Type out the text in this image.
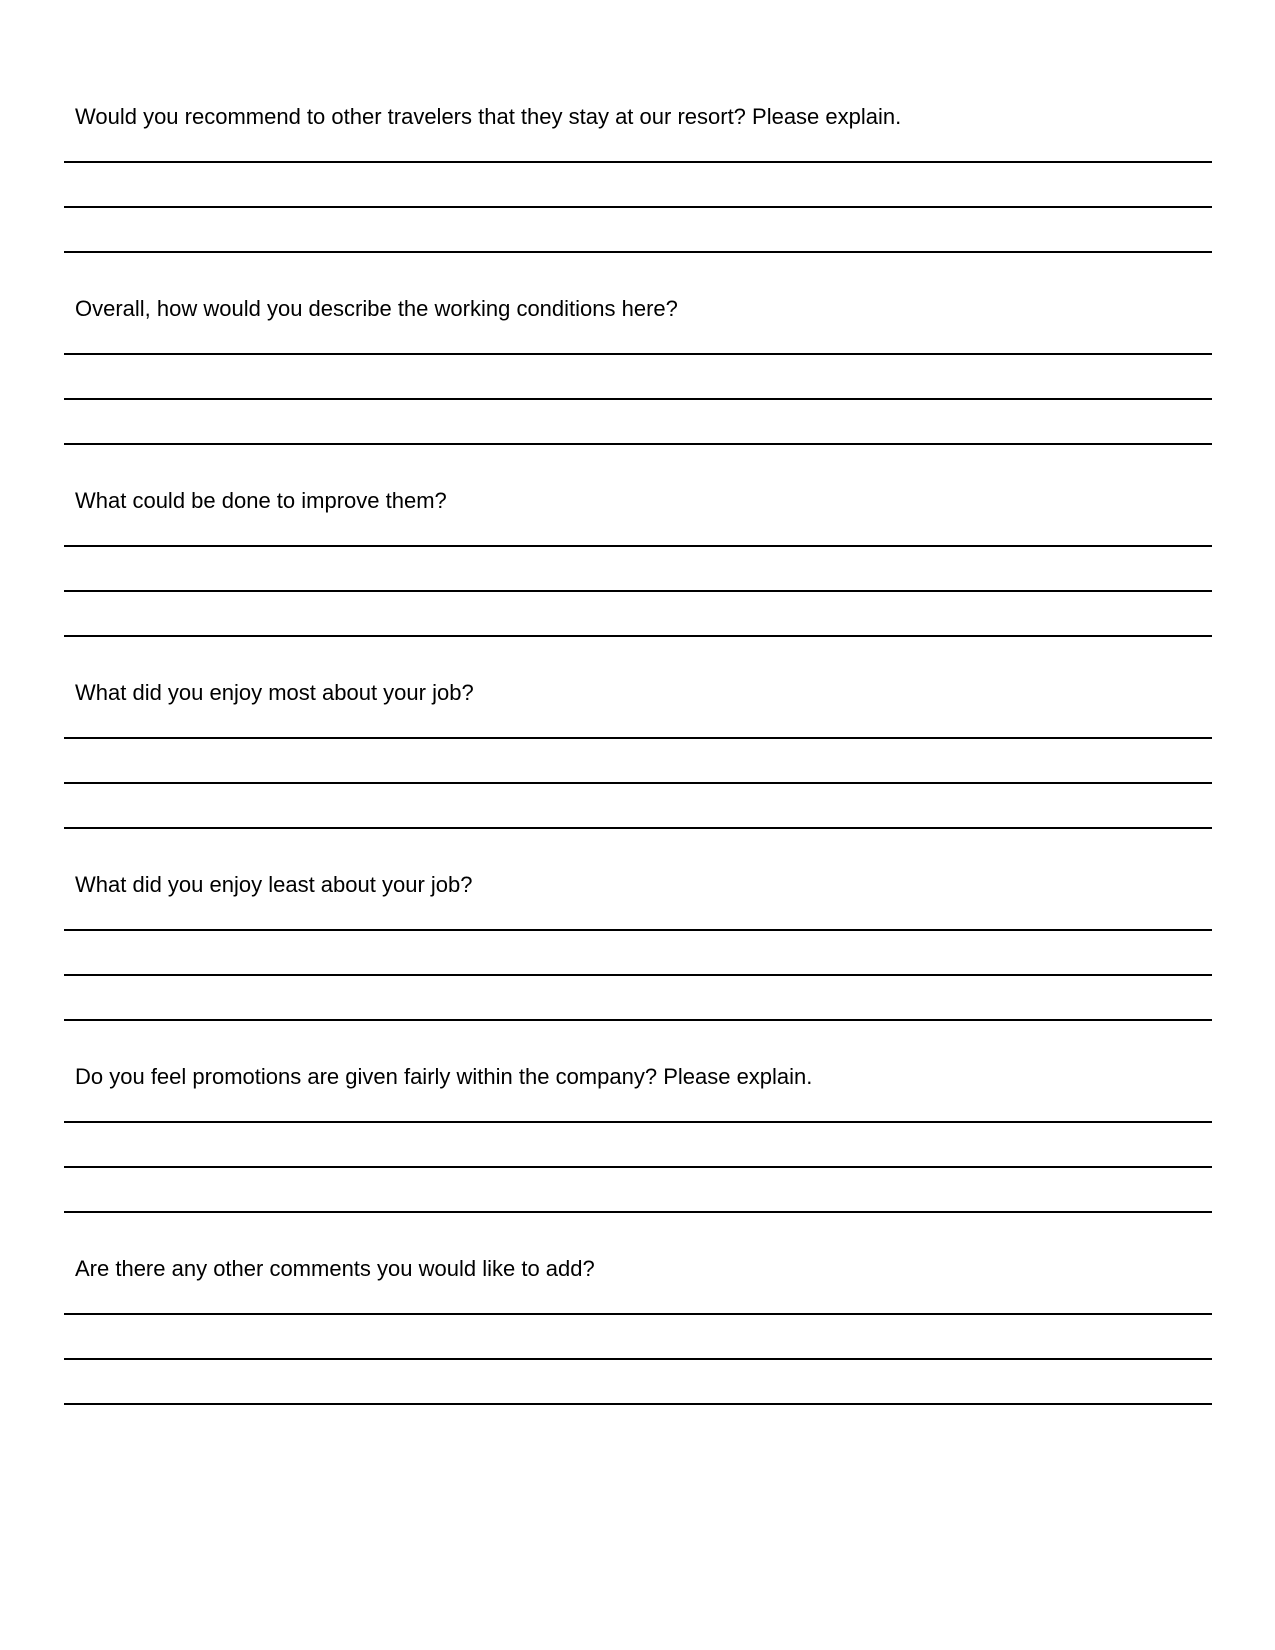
Would you recommend to other travelers that they stay at our resort? Please explain.
Overall, how would you describe the working conditions here?
What could be done to improve them?
What did you enjoy most about your job?
What did you enjoy least about your job?
Do you feel promotions are given fairly within the company? Please explain.
Are there any other comments you would like to add?
